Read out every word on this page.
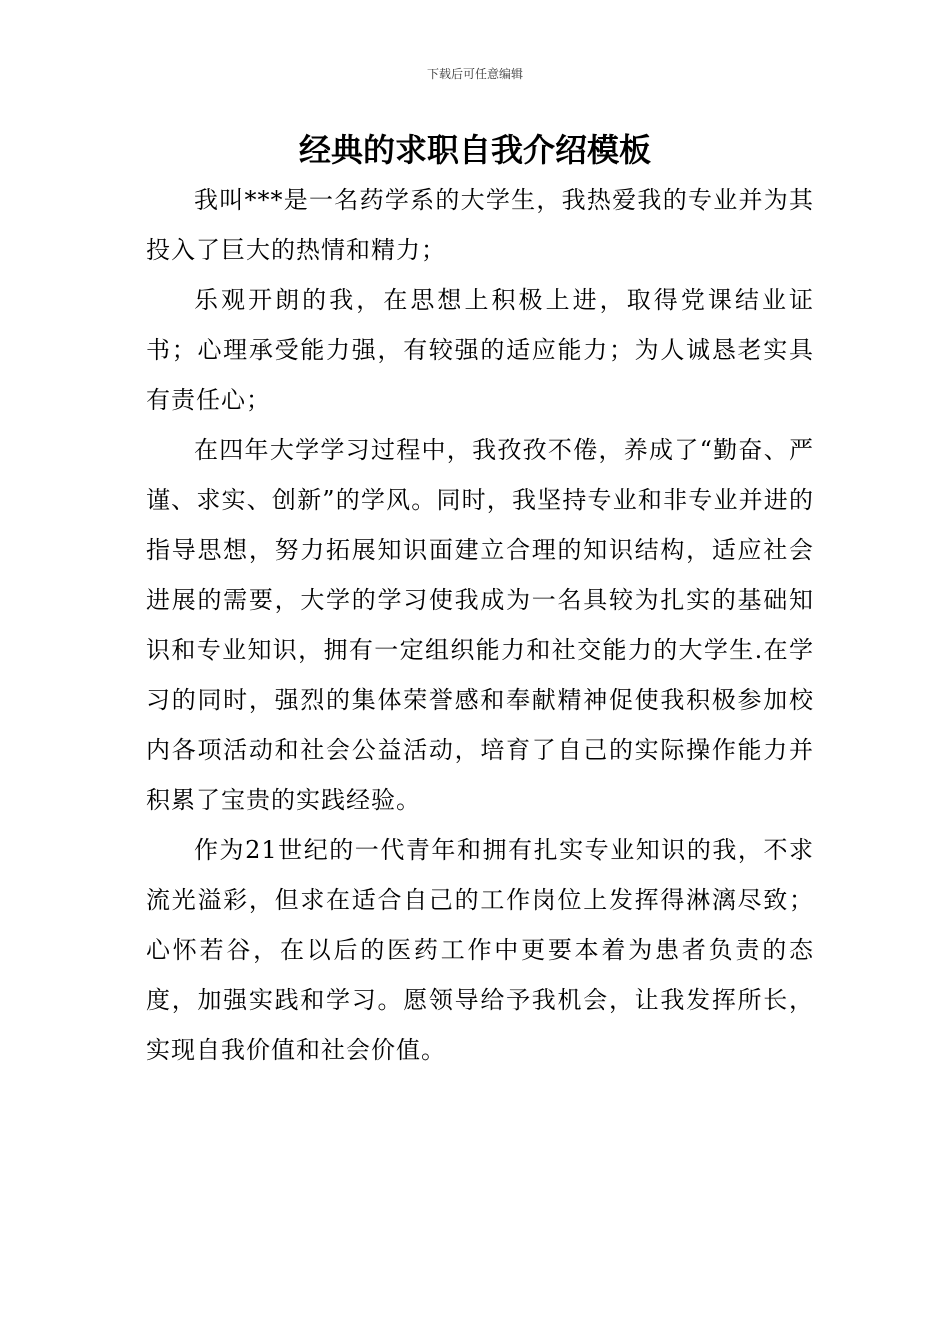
下载后可任意编辑
经典的求职自我介绍模板

我叫***是一名药学系的大学生，我热爱我的专业并为其投入了巨大的热情和精力；

乐观开朗的我，在思想上积极上进，取得党课结业证书；心理承受能力强，有较强的适应能力；为人诚恳老实具有责任心；

在四年大学学习过程中，我孜孜不倦，养成了“勤奋、严谨、求实、创新”的学风。同时，我坚持专业和非专业并进的指导思想，努力拓展知识面建立合理的知识结构，适应社会进展的需要，大学的学习使我成为一名具较为扎实的基础知识和专业知识，拥有一定组织能力和社交能力的大学生.在学习的同时，强烈的集体荣誉感和奉献精神促使我积极参加校内各项活动和社会公益活动，培育了自己的实际操作能力并积累了宝贵的实践经验。

作为21世纪的一代青年和拥有扎实专业知识的我，不求流光溢彩，但求在适合自己的工作岗位上发挥得淋漓尽致；心怀若谷，在以后的医药工作中更要本着为患者负责的态度，加强实践和学习。愿领导给予我机会，让我发挥所长，实现自我价值和社会价值。
